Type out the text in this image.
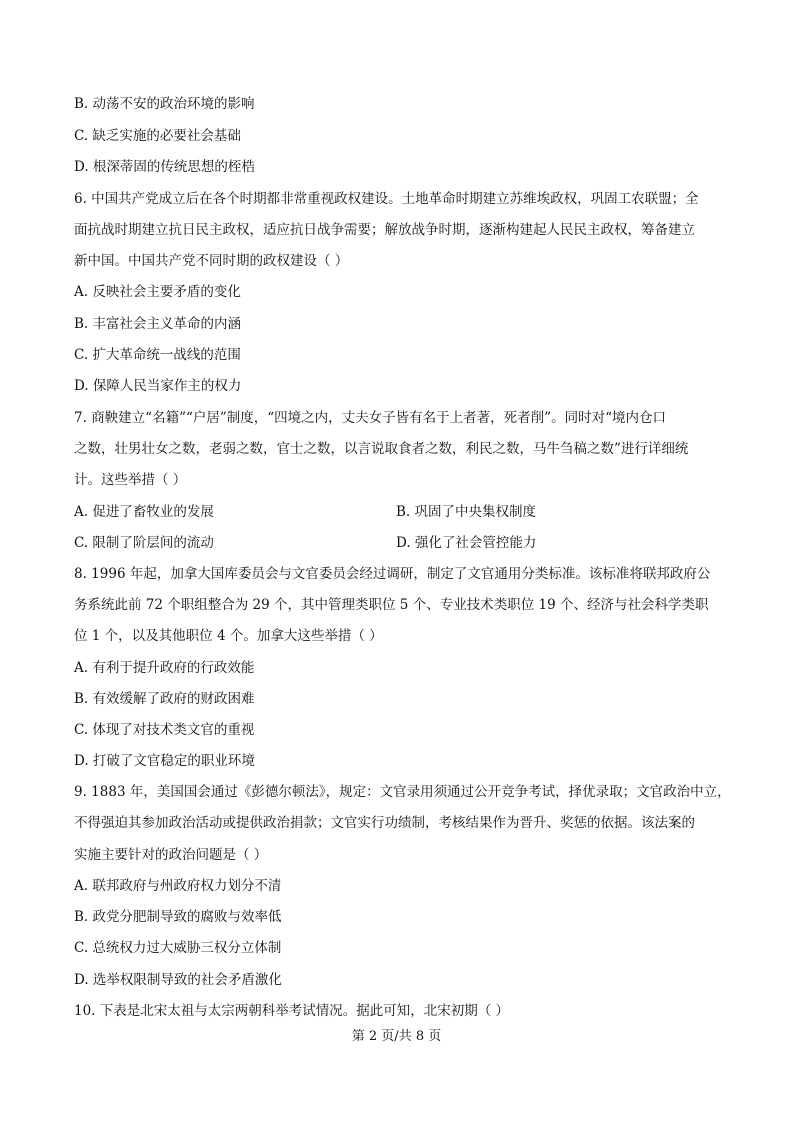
B. 动荡不安的政治环境的影响
C. 缺乏实施的必要社会基础
D. 根深蒂固的传统思想的桎梏
6. 中国共产党成立后在各个时期都非常重视政权建设。土地革命时期建立苏维埃政权，巩固工农联盟；全
面抗战时期建立抗日民主政权，适应抗日战争需要；解放战争时期，逐渐构建起人民民主政权，筹备建立
新中国。中国共产党不同时期的政权建设（ ）
A. 反映社会主要矛盾的变化
B. 丰富社会主义革命的内涵
C. 扩大革命统一战线的范围
D. 保障人民当家作主的权力
7. 商鞅建立“名籍”“户居”制度，“四境之内，丈夫女子皆有名于上者著，死者削”。同时对“境内仓口
之数，壮男壮女之数，老弱之数，官士之数，以言说取食者之数，利民之数，马牛刍稿之数”进行详细统
计。这些举措（ ）
A. 促进了畜牧业的发展	B. 巩固了中央集权制度
C. 限制了阶层间的流动	D. 强化了社会管控能力
8. 1996 年起，加拿大国库委员会与文官委员会经过调研，制定了文官通用分类标准。该标准将联邦政府公
务系统此前 72 个职组整合为 29 个，其中管理类职位 5 个、专业技术类职位 19 个、经济与社会科学类职
位 1 个，以及其他职位 4 个。加拿大这些举措（ ）
A. 有利于提升政府的行政效能
B. 有效缓解了政府的财政困难
C. 体现了对技术类文官的重视
D. 打破了文官稳定的职业环境
9. 1883 年，美国国会通过《彭德尔顿法》，规定：文官录用须通过公开竞争考试，择优录取；文官政治中立，
不得强迫其参加政治活动或提供政治捐款；文官实行功绩制，考核结果作为晋升、奖惩的依据。该法案的
实施主要针对的政治问题是（ ）
A. 联邦政府与州政府权力划分不清
B. 政党分肥制导致的腐败与效率低
C. 总统权力过大威胁三权分立体制
D. 选举权限制导致的社会矛盾激化
10. 下表是北宋太祖与太宗两朝科举考试情况。据此可知，北宋初期（ ）
第 2 页/共 8 页
